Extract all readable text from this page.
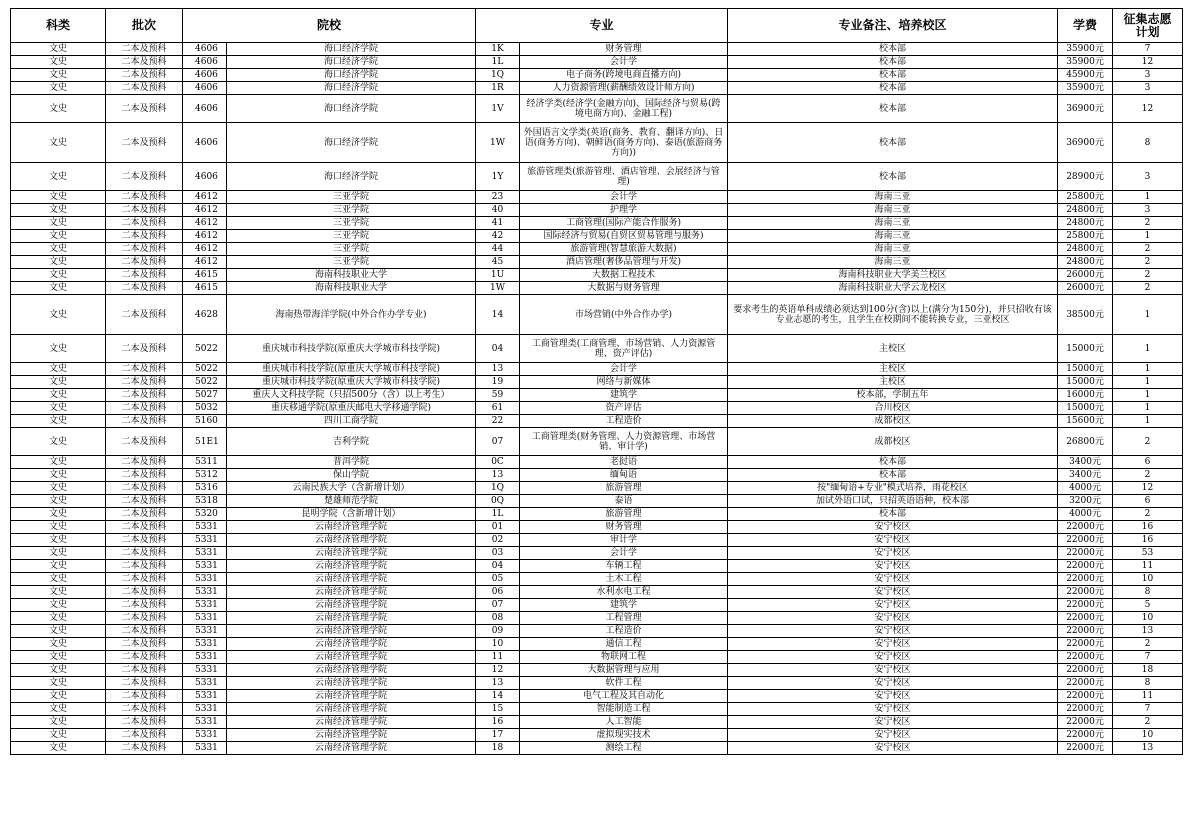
科类	批次	院校		专业		专业备注、培养校区	学费	征集志愿
计划
文史	二本及预科	4606	海口经济学院	1K	财务管理	校本部	35900元	7
文史	二本及预科	4606	海口经济学院	1L	会计学	校本部	35900元	12
文史	二本及预科	4606	海口经济学院	1Q	电子商务(跨境电商直播方向)	校本部	45900元	3
文史	二本及预科	4606	海口经济学院	1R	人力资源管理(薪酬绩效设计师方向)	校本部	35900元	3
文史	二本及预科	4606	海口经济学院	1V	经济学类(经济学(金融方向)、国际经济与贸易(跨境电商方向)、金融工程)	校本部	36900元	12
文史	二本及预科	4606	海口经济学院	1W	外国语言文学类(英语(商务、教育、翻译方向)、日语(商务方向)、朝鲜语(商务方向)、泰语(旅游商务方向))	校本部	36900元	8
文史	二本及预科	4606	海口经济学院	1Y	旅游管理类(旅游管理、酒店管理、会展经济与管理)	校本部	28900元	3
文史	二本及预科	4612	三亚学院	23	会计学	海南三亚	25800元	1
文史	二本及预科	4612	三亚学院	40	护理学	海南三亚	24800元	3
文史	二本及预科	4612	三亚学院	41	工商管理(国际产能合作服务)	海南三亚	24800元	2
文史	二本及预科	4612	三亚学院	42	国际经济与贸易(自贸区贸易管理与服务)	海南三亚	25800元	1
文史	二本及预科	4612	三亚学院	44	旅游管理(智慧旅游大数据)	海南三亚	24800元	2
文史	二本及预科	4612	三亚学院	45	酒店管理(奢侈品管理与开发)	海南三亚	24800元	2
文史	二本及预科	4615	海南科技职业大学	1U	大数据工程技术	海南科技职业大学美兰校区	26000元	2
文史	二本及预科	4615	海南科技职业大学	1W	大数据与财务管理	海南科技职业大学云龙校区	26000元	2
文史	二本及预科	4628	海南热带海洋学院(中外合作办学专业)	14	市场营销(中外合作办学)	要求考生的英语单科成绩必须达到100分(含)以上(满分为150分)，并只招收有该专业志愿的考生，且学生在校期间不能转换专业，三亚校区	38500元	1
文史	二本及预科	5022	重庆城市科技学院(原重庆大学城市科技学院)	04	工商管理类(工商管理、市场营销、人力资源管理、资产评估)	主校区	15000元	1
文史	二本及预科	5022	重庆城市科技学院(原重庆大学城市科技学院)	13	会计学	主校区	15000元	1
文史	二本及预科	5022	重庆城市科技学院(原重庆大学城市科技学院)	19	网络与新媒体	主校区	15000元	1
文史	二本及预科	5027	重庆人文科技学院（只招500分（含）以上考生）	59	建筑学	校本部，学制五年	16000元	1
文史	二本及预科	5032	重庆移通学院(原重庆邮电大学移通学院)	61	资产评估	合川校区	15000元	1
文史	二本及预科	5160	四川工商学院	22	工程造价	成都校区	15600元	1
文史	二本及预科	51E1	吉利学院	07	工商管理类(财务管理、人力资源管理、市场营销、审计学)	成都校区	26800元	2
文史	二本及预科	5311	普洱学院	0C	老挝语	校本部	3400元	6
文史	二本及预科	5312	保山学院	13	缅甸语	校本部	3400元	2
文史	二本及预科	5316	云南民族大学（含新增计划）	1Q	旅游管理	按"缅甸语+专业"模式培养，雨花校区	4000元	12
文史	二本及预科	5318	楚雄师范学院	0Q	泰语	加试外语口试，只招英语语种，校本部	3200元	6
文史	二本及预科	5320	昆明学院（含新增计划）	1L	旅游管理	校本部	4000元	2
文史	二本及预科	5331	云南经济管理学院	01	财务管理	安宁校区	22000元	16
文史	二本及预科	5331	云南经济管理学院	02	审计学	安宁校区	22000元	16
文史	二本及预科	5331	云南经济管理学院	03	会计学	安宁校区	22000元	53
文史	二本及预科	5331	云南经济管理学院	04	车辆工程	安宁校区	22000元	11
文史	二本及预科	5331	云南经济管理学院	05	土木工程	安宁校区	22000元	10
文史	二本及预科	5331	云南经济管理学院	06	水利水电工程	安宁校区	22000元	8
文史	二本及预科	5331	云南经济管理学院	07	建筑学	安宁校区	22000元	5
文史	二本及预科	5331	云南经济管理学院	08	工程管理	安宁校区	22000元	10
文史	二本及预科	5331	云南经济管理学院	09	工程造价	安宁校区	22000元	13
文史	二本及预科	5331	云南经济管理学院	10	通信工程	安宁校区	22000元	2
文史	二本及预科	5331	云南经济管理学院	11	物联网工程	安宁校区	22000元	7
文史	二本及预科	5331	云南经济管理学院	12	大数据管理与应用	安宁校区	22000元	18
文史	二本及预科	5331	云南经济管理学院	13	软件工程	安宁校区	22000元	8
文史	二本及预科	5331	云南经济管理学院	14	电气工程及其自动化	安宁校区	22000元	11
文史	二本及预科	5331	云南经济管理学院	15	智能制造工程	安宁校区	22000元	7
文史	二本及预科	5331	云南经济管理学院	16	人工智能	安宁校区	22000元	2
文史	二本及预科	5331	云南经济管理学院	17	虚拟现实技术	安宁校区	22000元	10
文史	二本及预科	5331	云南经济管理学院	18	测绘工程	安宁校区	22000元	13
